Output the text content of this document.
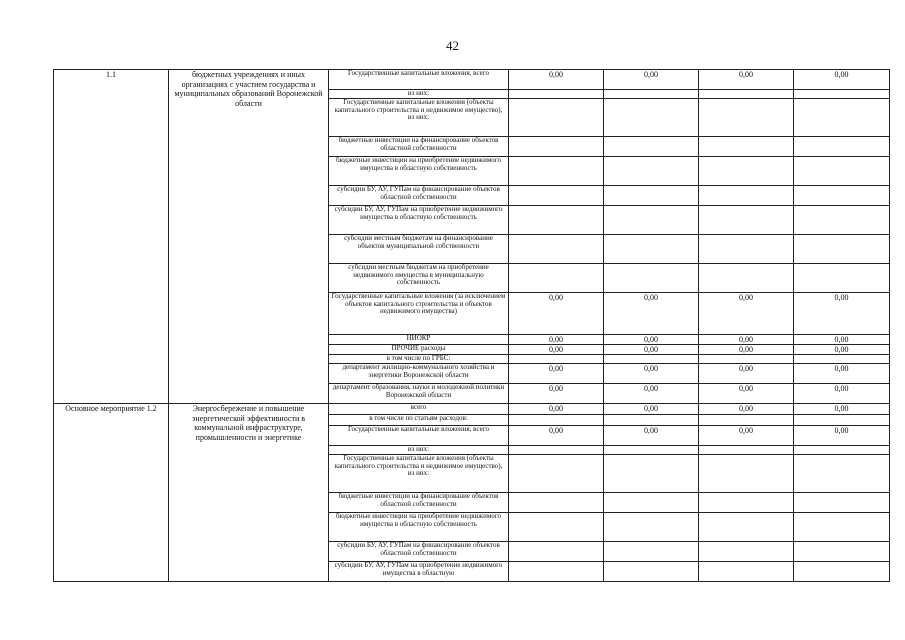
42
1.1	бюджетных учреждениях и иных организациях с участием государства и муниципальных образований Воронежской области	Государственные капитальные вложения, всего	0,00	0,00	0,00	0,00
		из них:				
		Государственные капитальные вложения (объекты капитального строительства и недвижимое имущество), из них:				
		бюджетные инвестиции на финансирование объектов областной собственности				
		бюджетные инвестиции на приобретение недвижимого имущества в областную собственность				
		субсидии БУ, АУ, ГУПам на финансирование объектов областной собственности				
		субсидии БУ, АУ, ГУПам на приобретение недвижимого имущества в областную собственность				
		субсидии местным бюджетам на финансирование объектов муниципальной собственности				
		субсидии местным бюджетам на приобретение недвижимого имущества в муниципальную собственность				
		Государственные капитальные вложения (за исключением объектов капитального строительства и объектов недвижимого имущества)	0,00	0,00	0,00	0,00
		НИОКР	0,00	0,00	0,00	0,00
		ПРОЧИЕ расходы	0,00	0,00	0,00	0,00
		в том числе по ГРБС:				
		департамент жилищно-коммунального хозяйства и энергетики Воронежской области	0,00	0,00	0,00	0,00
		департамент образования, науки и молодежной политики Воронежской области	0,00	0,00	0,00	0,00
Основное мероприятие 1.2	Энергосбережение и повышение энергетической эффективности в коммунальной инфраструктуре, промышленности и энергетике	всего	0,00	0,00	0,00	0,00
		в том числе по статьям расходов:				
		Государственные капитальные вложения, всего	0,00	0,00	0,00	0,00
		из них:				
		Государственные капитальные вложения (объекты капитального строительства и недвижимое имущество), из них:				
		бюджетные инвестиции на финансирование объектов областной собственности				
		бюджетные инвестиции на приобретение недвижимого имущества в областную собственность				
		субсидии БУ, АУ, ГУПам на финансирование объектов областной собственности				
		субсидии БУ, АУ, ГУПам на приобретение недвижимого имущества в областную				
